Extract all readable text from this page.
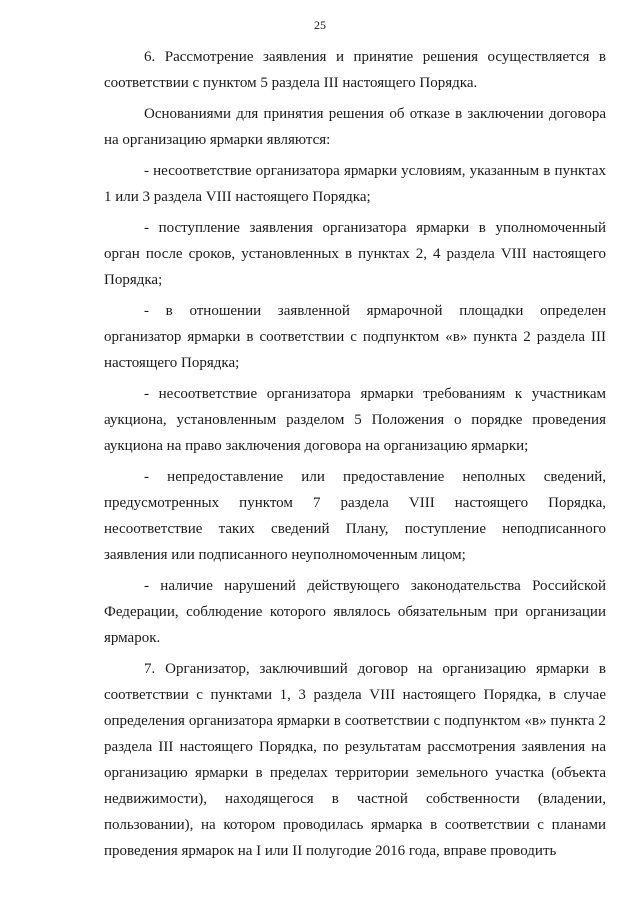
25

6. Рассмотрение заявления и принятие решения осуществляется в соответствии с пунктом 5 раздела III настоящего Порядка.

Основаниями для принятия решения об отказе в заключении договора на организацию ярмарки являются:

- несоответствие организатора ярмарки условиям, указанным в пунктах 1 или 3 раздела VIII настоящего Порядка;

- поступление заявления организатора ярмарки в уполномоченный орган после сроков, установленных в пунктах 2, 4 раздела VIII настоящего Порядка;

- в отношении заявленной ярмарочной площадки определен организатор ярмарки в соответствии с подпунктом «в» пункта 2 раздела III настоящего Порядка;

- несоответствие организатора ярмарки требованиям к участникам аукциона, установленным разделом 5 Положения о порядке проведения аукциона на право заключения договора на организацию ярмарки;

- непредоставление или предоставление неполных сведений, предусмотренных пунктом 7 раздела VIII настоящего Порядка, несоответствие таких сведений Плану, поступление неподписанного заявления или подписанного неуполномоченным лицом;

- наличие нарушений действующего законодательства Российской Федерации, соблюдение которого являлось обязательным при организации ярмарок.

7. Организатор, заключивший договор на организацию ярмарки в соответствии с пунктами 1, 3 раздела VIII настоящего Порядка, в случае определения организатора ярмарки в соответствии с подпунктом «в» пункта 2 раздела III настоящего Порядка, по результатам рассмотрения заявления на организацию ярмарки в пределах территории земельного участка (объекта недвижимости), находящегося в частной собственности (владении, пользовании), на котором проводилась ярмарка в соответствии с планами проведения ярмарок на I или II полугодие 2016 года, вправе проводить
